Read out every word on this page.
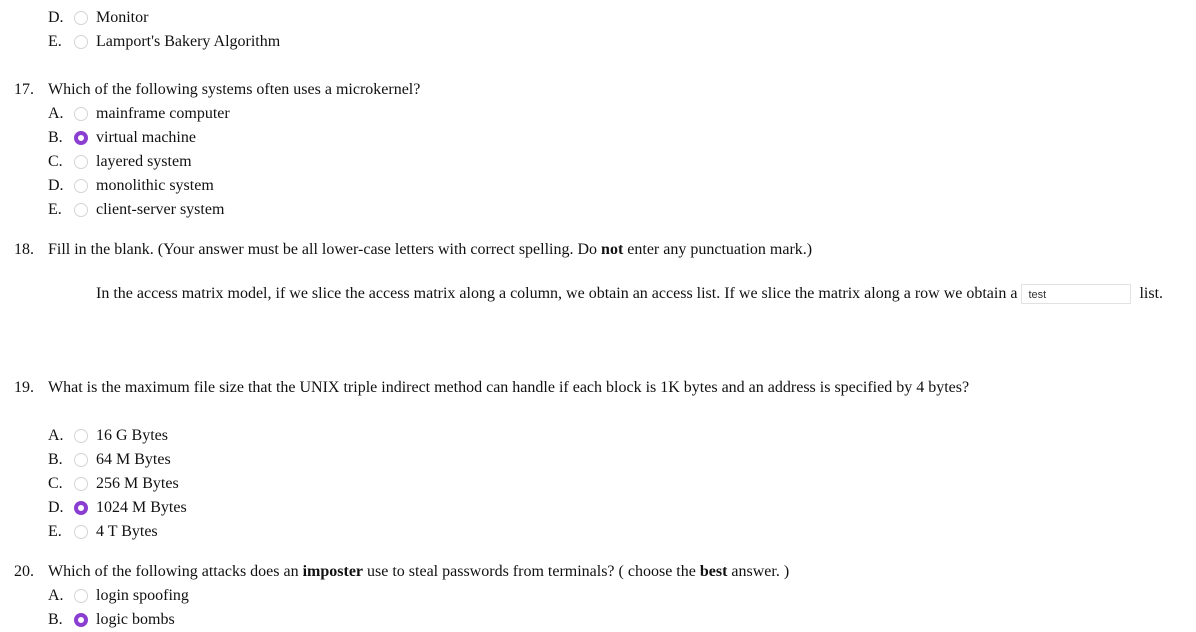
D. Monitor
E. Lamport's Bakery Algorithm
17. Which of the following systems often uses a microkernel?
A. mainframe computer
B. virtual machine
C. layered system
D. monolithic system
E. client-server system
18. Fill in the blank. (Your answer must be all lower-case letters with correct spelling. Do not enter any punctuation mark.)
In the access matrix model, if we slice the access matrix along a column, we obtain an access list. If we slice the matrix along a row we obtain a test	list.
19. What is the maximum file size that the UNIX triple indirect method can handle if each block is 1K bytes and an address is specified by 4 bytes?
A. 16 G Bytes
B. 64 M Bytes
C. 256 M Bytes
D. 1024 M Bytes
E. 4 T Bytes
20. Which of the following attacks does an imposter use to steal passwords from terminals? ( choose the best answer. )
A. login spoofing
B. logic bombs
